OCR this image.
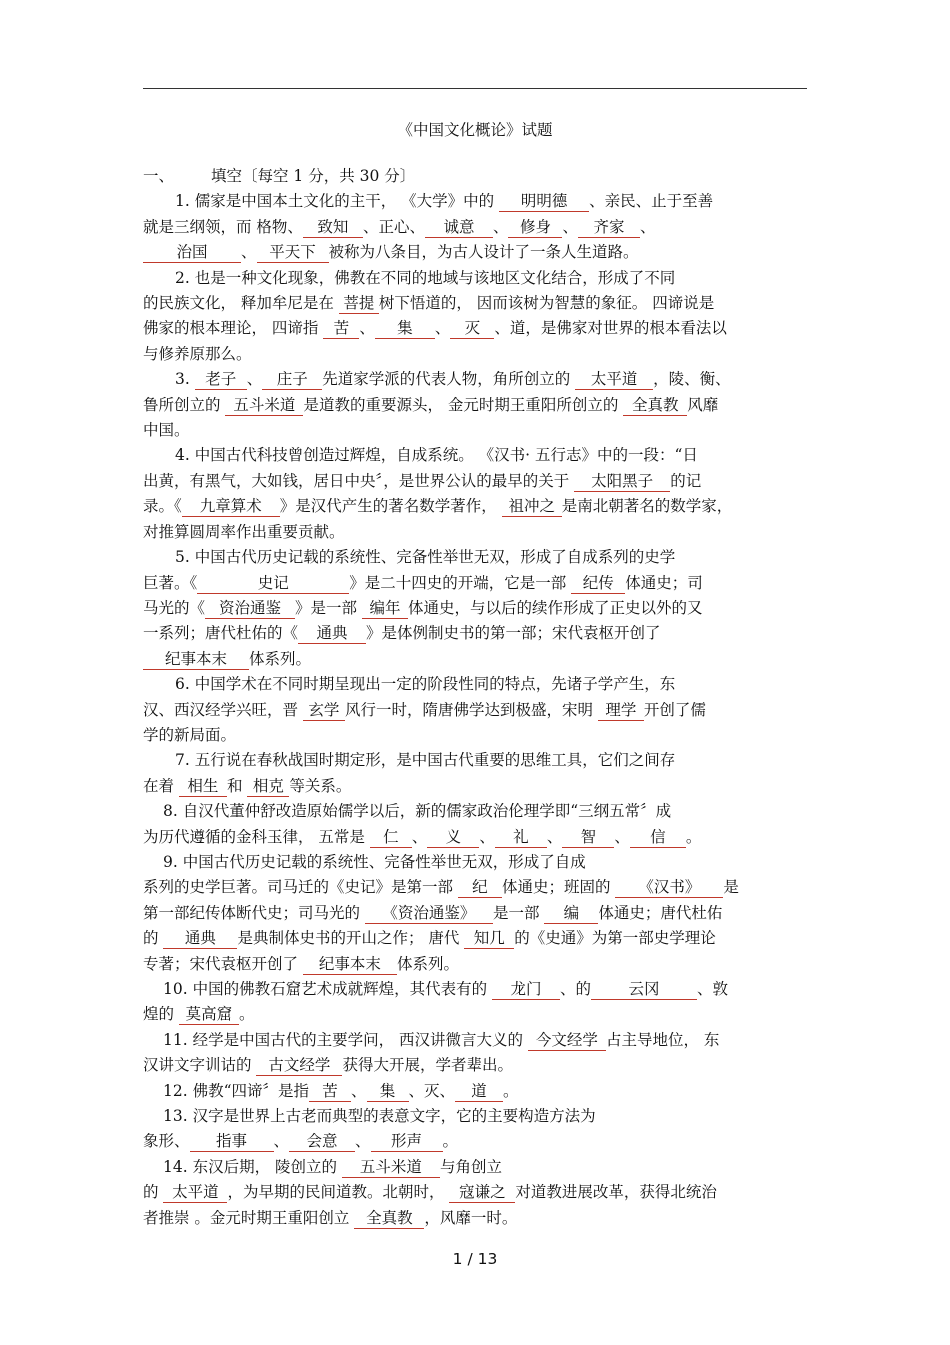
《中国文化概论》试题
一、 填空〔每空 1 分，共 30 分〕
1. 儒家是中国本土文化的主干， 《大学》中的 明明德 、亲民、止于至善
就是三纲领，而 格物、 致知 、正心、 诚意 、 修身 、 齐家 、
治国 、 平天下 被称为八条目，为古人设计了一条人生道路。
2. 也是一种文化现象，佛教在不同的地域与该地区文化结合，形成了不同
的民族文化， 释加牟尼是在 菩提 树下悟道的， 因而该树为智慧的象征。 四谛说是
佛家的根本理论， 四谛指 苦 、 集 、 灭 、道，是佛家对世界的根本看法以
与修养原那么。
3. 老子 、 庄子 先道家学派的代表人物，角所创立的 太平道 ，陵、衡、
鲁所创立的 五斗米道 是道教的重要源头， 金元时期王重阳所创立的 全真教 风靡
中国。
4. 中国古代科技曾创造过辉煌，自成系统。 《汉书· 五行志》中的一段：“日
出黄，有黑气，大如钱，居日中央〞，是世界公认的最早的关于 太阳黑子 的记
录。《 九章算术 》是汉代产生的著名数学著作， 祖冲之 是南北朝著名的数学家，
对推算圆周率作出重要贡献。
5. 中国古代历史记载的系统性、完备性举世无双，形成了自成系列的史学
巨著。《	史记	》是二十四史的开端，它是一部 纪传 体通史；司
马光的《 资治通鉴 》是一部 编年 体通史，与以后的续作形成了正史以外的又
一系列；唐代杜佑的《 通典 》是体例制史书的第一部；宋代袁枢开创了
纪事本末 体系列。
6. 中国学术在不同时期呈现出一定的阶段性同的特点，先诸子学产生，东
汉、西汉经学兴旺，晋 玄学 风行一时，隋唐佛学达到极盛，宋明 理学 开创了儒
学的新局面。
7. 五行说在春秋战国时期定形，是中国古代重要的思维工具，它们之间存
在着 相生 和 相克 等关系。
8. 自汉代董仲舒改造原始儒学以后，新的儒家政治伦理学即“三纲五常〞成
为历代遵循的金科玉律， 五常是 仁 、 义 、 礼 、 智 、 信 。
9. 中国古代历史记载的系统性、完备性举世无双，形成了自成
系列的史学巨著。司马迁的《史记》是第一部 纪 体通史；班固的 《汉书》 是
第一部纪传体断代史；司马光的 《资治通鉴》 是一部 编 体通史；唐代杜佑
的 通典 是典制体史书的开山之作； 唐代 知几 的《史通》为第一部史学理论
专著；宋代袁枢开创了 纪事本末 体系列。
10. 中国的佛教石窟艺术成就辉煌，其代表有的 龙门 、的 云冈 、敦
煌的 莫高窟 。
11. 经学是中国古代的主要学问， 西汉讲微言大义的 今文经学 占主导地位， 东
汉讲文字训诂的 古文经学 获得大开展，学者辈出。
12. 佛教“四谛〞是指 苦 、 集 、灭、 道 。
13. 汉字是世界上古老而典型的表意文字，它的主要构造方法为
象形、 指事 、 会意 、 形声 。
14. 东汉后期， 陵创立的 五斗米道 与角创立
的 太平道 ，为早期的民间道教。北朝时， 寇谦之 对道教进展改革，获得北统治
者推崇 。金元时期王重阳创立 全真教 ，风靡一时。
1 / 13
